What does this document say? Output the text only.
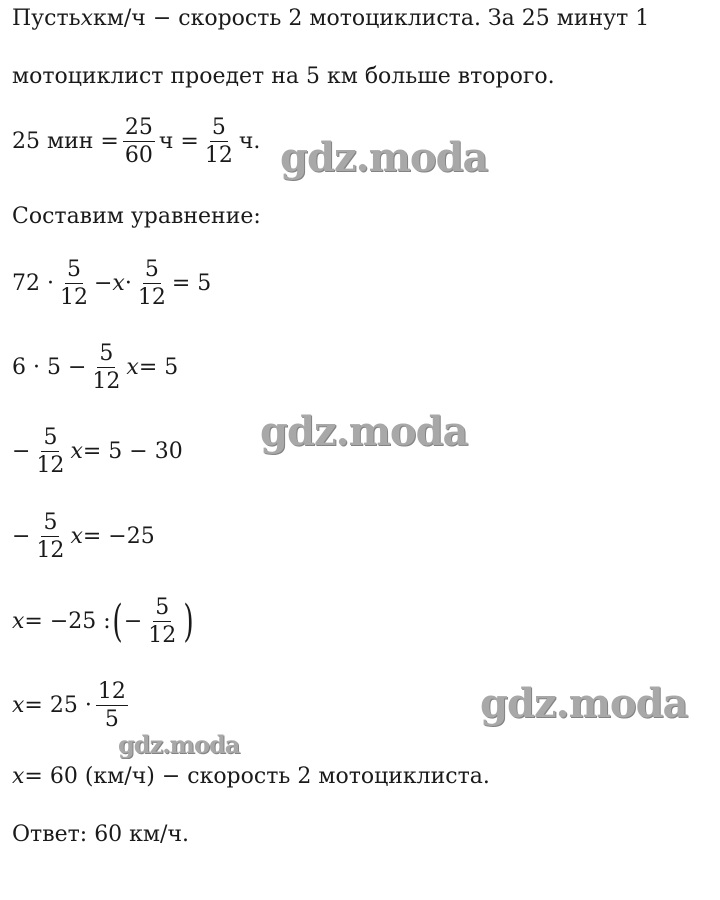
Пусть x км/ч − скорость 2 мотоциклиста. За 25 минут 1
мотоциклист проедет на 5 км больше второго.
25 мин = $\frac{25}{60}$ $ч = \frac{5}{12} ч$.
Составим уравнение:
$72 \cdot \frac{5}{12} - x \cdot \frac{5}{12} = 5$
$6 \cdot 5 - \frac{5}{12}$ x = 5
− $\frac{5}{12}$ x = 5 − 30
− $\frac{5}{12}$ x = −25
x = −25 : ( − $\frac{5}{12}$ )
$x = 25 \cdot \frac{12}{5}$
x = 60 (км/ч) − скорость 2 мотоциклиста.
Ответ: 60 км/ч.
gdz.moda
gdz.moda
gdz.moda
gdz.moda
